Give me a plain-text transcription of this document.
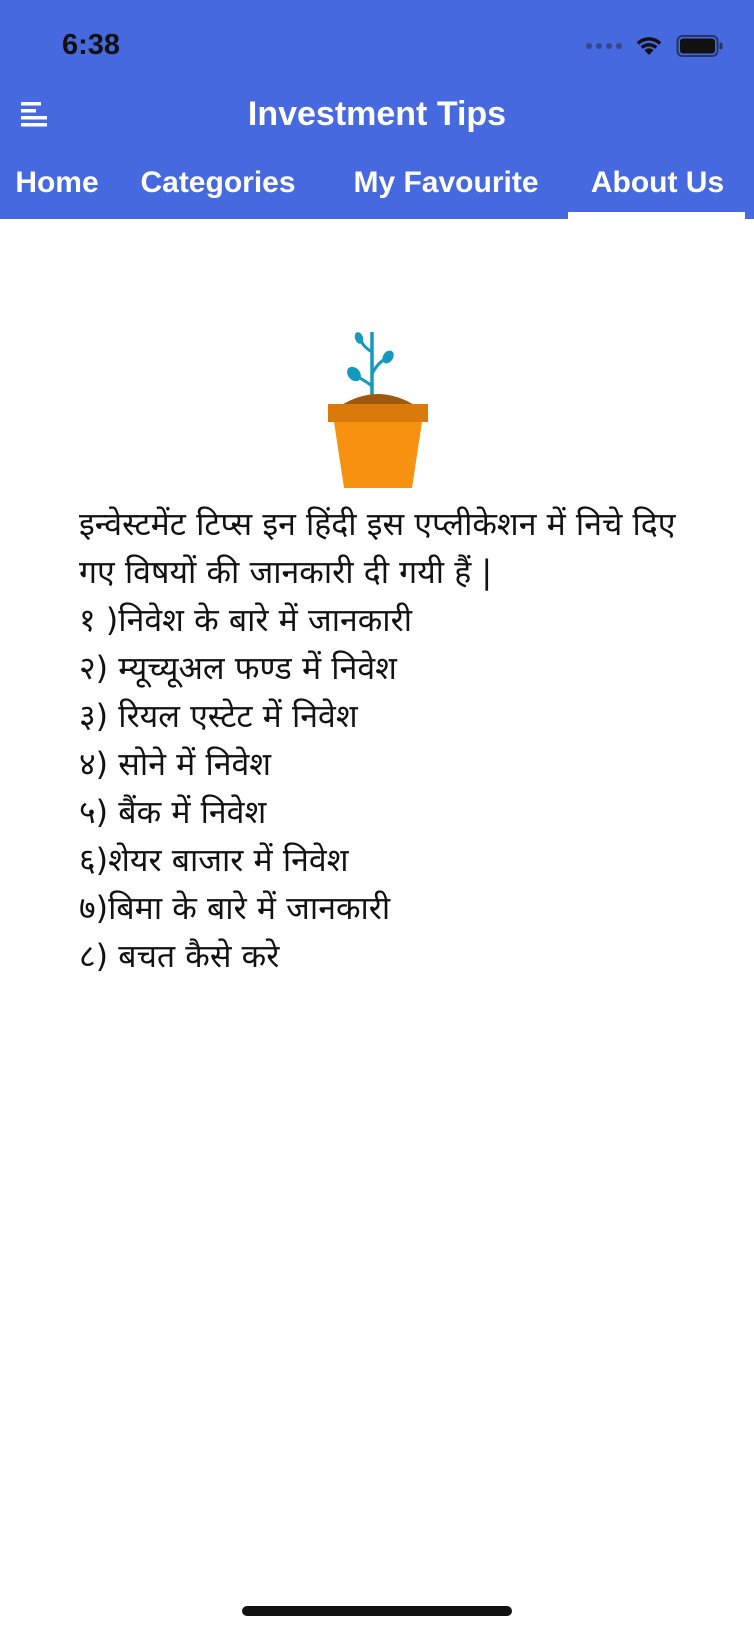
6:38
Investment Tips
Home Categories My Favourite	About Us

इन्वेस्टमेंट टिप्स इन हिंदी इस एप्लीकेशन में निचे दिए गए विषयों की जानकारी दी गयी हैं |

१ )निवेश के बारे में जानकारी

२) म्यूच्यूअल फण्ड में निवेश

३) रियल एस्टेट में निवेश

४) सोने में निवेश

५) बैंक में निवेश

६)शेयर बाजार में निवेश

७)बिमा के बारे में जानकारी

८) बचत कैसे करे
